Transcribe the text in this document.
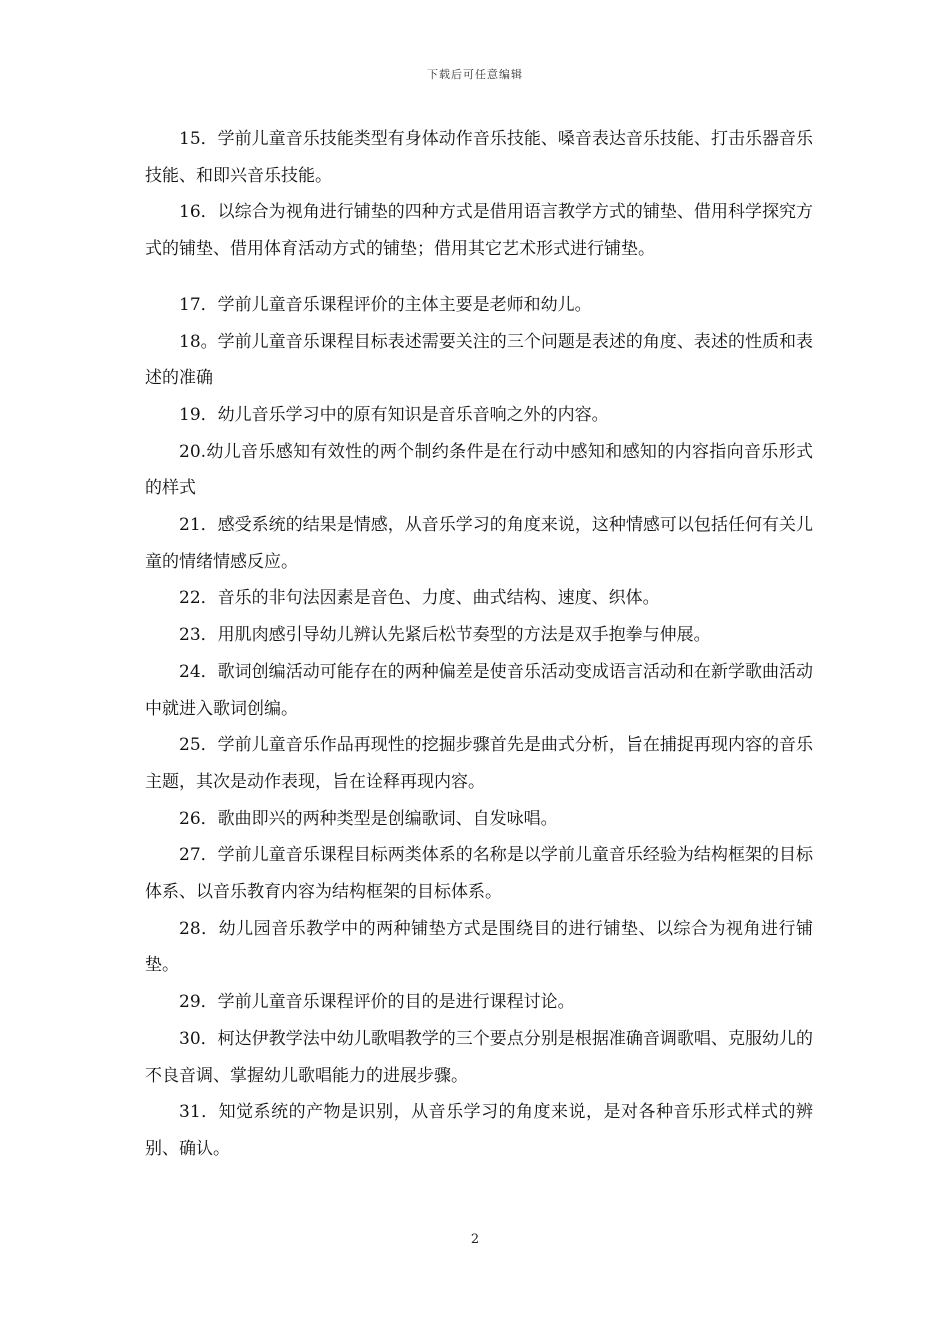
下载后可任意编辑

15．学前儿童音乐技能类型有身体动作音乐技能、嗓音表达音乐技能、打击乐器音乐技能、和即兴音乐技能。

16．以综合为视角进行铺垫的四种方式是借用语言教学方式的铺垫、借用科学探究方式的铺垫、借用体育活动方式的铺垫；借用其它艺术形式进行铺垫。

17．学前儿童音乐课程评价的主体主要是老师和幼儿。

18。学前儿童音乐课程目标表述需要关注的三个问题是表述的角度、表述的性质和表述的准确

19．幼儿音乐学习中的原有知识是音乐音响之外的内容。

20.幼儿音乐感知有效性的两个制约条件是在行动中感知和感知的内容指向音乐形式的样式

21．感受系统的结果是情感，从音乐学习的角度来说，这种情感可以包括任何有关儿童的情绪情感反应。

22．音乐的非句法因素是音色、力度、曲式结构、速度、织体。

23．用肌肉感引导幼儿辨认先紧后松节奏型的方法是双手抱拳与伸展。

24．歌词创编活动可能存在的两种偏差是使音乐活动变成语言活动和在新学歌曲活动中就进入歌词创编。

25．学前儿童音乐作品再现性的挖掘步骤首先是曲式分析，旨在捕捉再现内容的音乐主题，其次是动作表现，旨在诠释再现内容。

26．歌曲即兴的两种类型是创编歌词、自发咏唱。

27．学前儿童音乐课程目标两类体系的名称是以学前儿童音乐经验为结构框架的目标体系、以音乐教育内容为结构框架的目标体系。

28．幼儿园音乐教学中的两种铺垫方式是围绕目的进行铺垫、以综合为视角进行铺垫。

29．学前儿童音乐课程评价的目的是进行课程讨论。

30．柯达伊教学法中幼儿歌唱教学的三个要点分别是根据准确音调歌唱、克服幼儿的不良音调、掌握幼儿歌唱能力的进展步骤。

31．知觉系统的产物是识别，从音乐学习的角度来说，是对各种音乐形式样式的辨别、确认。

2
